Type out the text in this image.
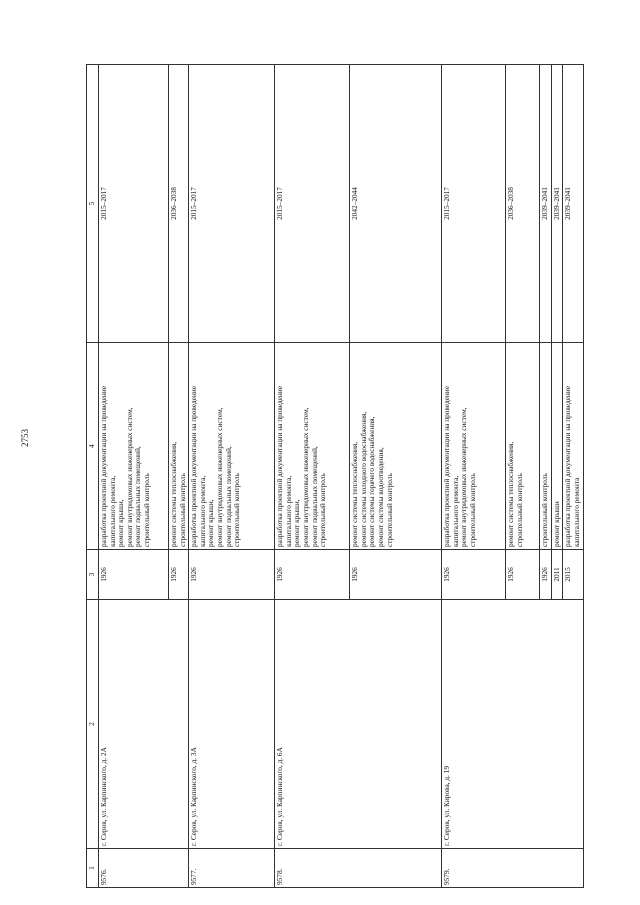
2753
1	2	3	4	5
9576.	г. Серов, ул. Карпинского, д. 2А	1926	разработка проектной документации на проведение капитального ремонта, ремонт крыши, ремонт внутридомовых инженерных систем, ремонт подвальных помещений, строительный контроль	2015–2017
		1926	ремонт системы теплоснабжения, строительный контроль	2036–2038
9577.	г. Серов, ул. Карпинского, д. 3А	1926	разработка проектной документации на проведение капитального ремонта, ремонт крыши, ремонт внутридомовых инженерных систем, ремонт подвальных помещений, строительный контроль	2015–2017
9578.	г. Серов, ул. Карпинского, д. 6А	1926	разработка проектной документации на проведение капитального ремонта, ремонт крыши, ремонт внутридомовых инженерных систем, ремонт подвальных помещений, строительный контроль	2015–2017
		1926	ремонт системы теплоснабжения, ремонт системы холодного водоснабжения, ремонт системы горячего водоснабжения, ремонт системы водоотведения, строительный контроль	2042–2044
9579.	г. Серов, ул. Кирова, д. 19	1926	разработка проектной документации на проведение капитального ремонта, ремонт внутридомовых инженерных систем, строительный контроль	2015–2017
		1926	ремонт системы теплоснабжения, строительный контроль	2036–2038
		1926	строительный контроль	2039–2041
		2011	ремонт крыши	2039–2041
		2015	разработка проектной документации на проведение капитального ремонта	2039–2041
